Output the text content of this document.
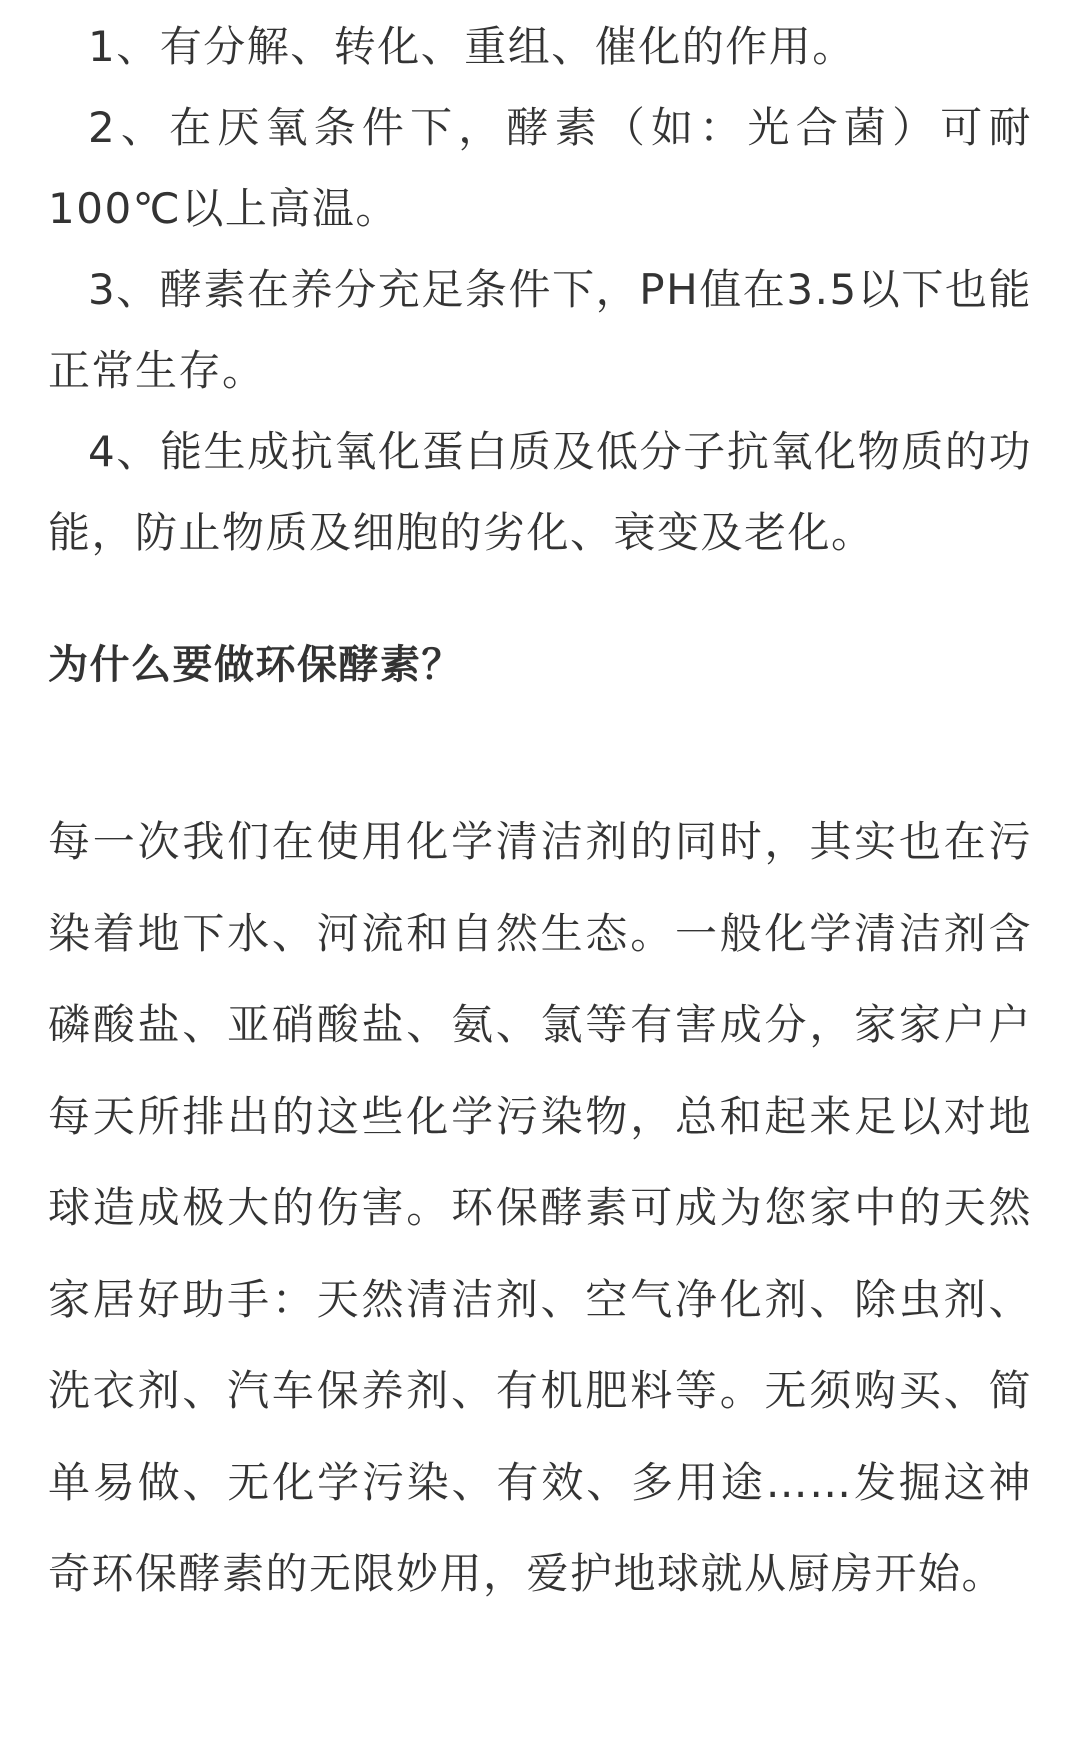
1、有分解、转化、重组、催化的作用。

2、在厌氧条件下，酵素（如：光合菌）可耐100℃以上高温。

3、酵素在养分充足条件下，PH值在3.5以下也能正常生存。

4、能生成抗氧化蛋白质及低分子抗氧化物质的功能，防止物质及细胞的劣化、衰变及老化。

为什么要做环保酵素？

每一次我们在使用化学清洁剂的同时，其实也在污染着地下水、河流和自然生态。一般化学清洁剂含磷酸盐、亚硝酸盐、氨、氯等有害成分，家家户户每天所排出的这些化学污染物，总和起来足以对地球造成极大的伤害。环保酵素可成为您家中的天然家居好助手：天然清洁剂、空气净化剂、除虫剂、洗衣剂、汽车保养剂、有机肥料等。无须购买、简单易做、无化学污染、有效、多用途……发掘这神奇环保酵素的无限妙用，爱护地球就从厨房开始。
